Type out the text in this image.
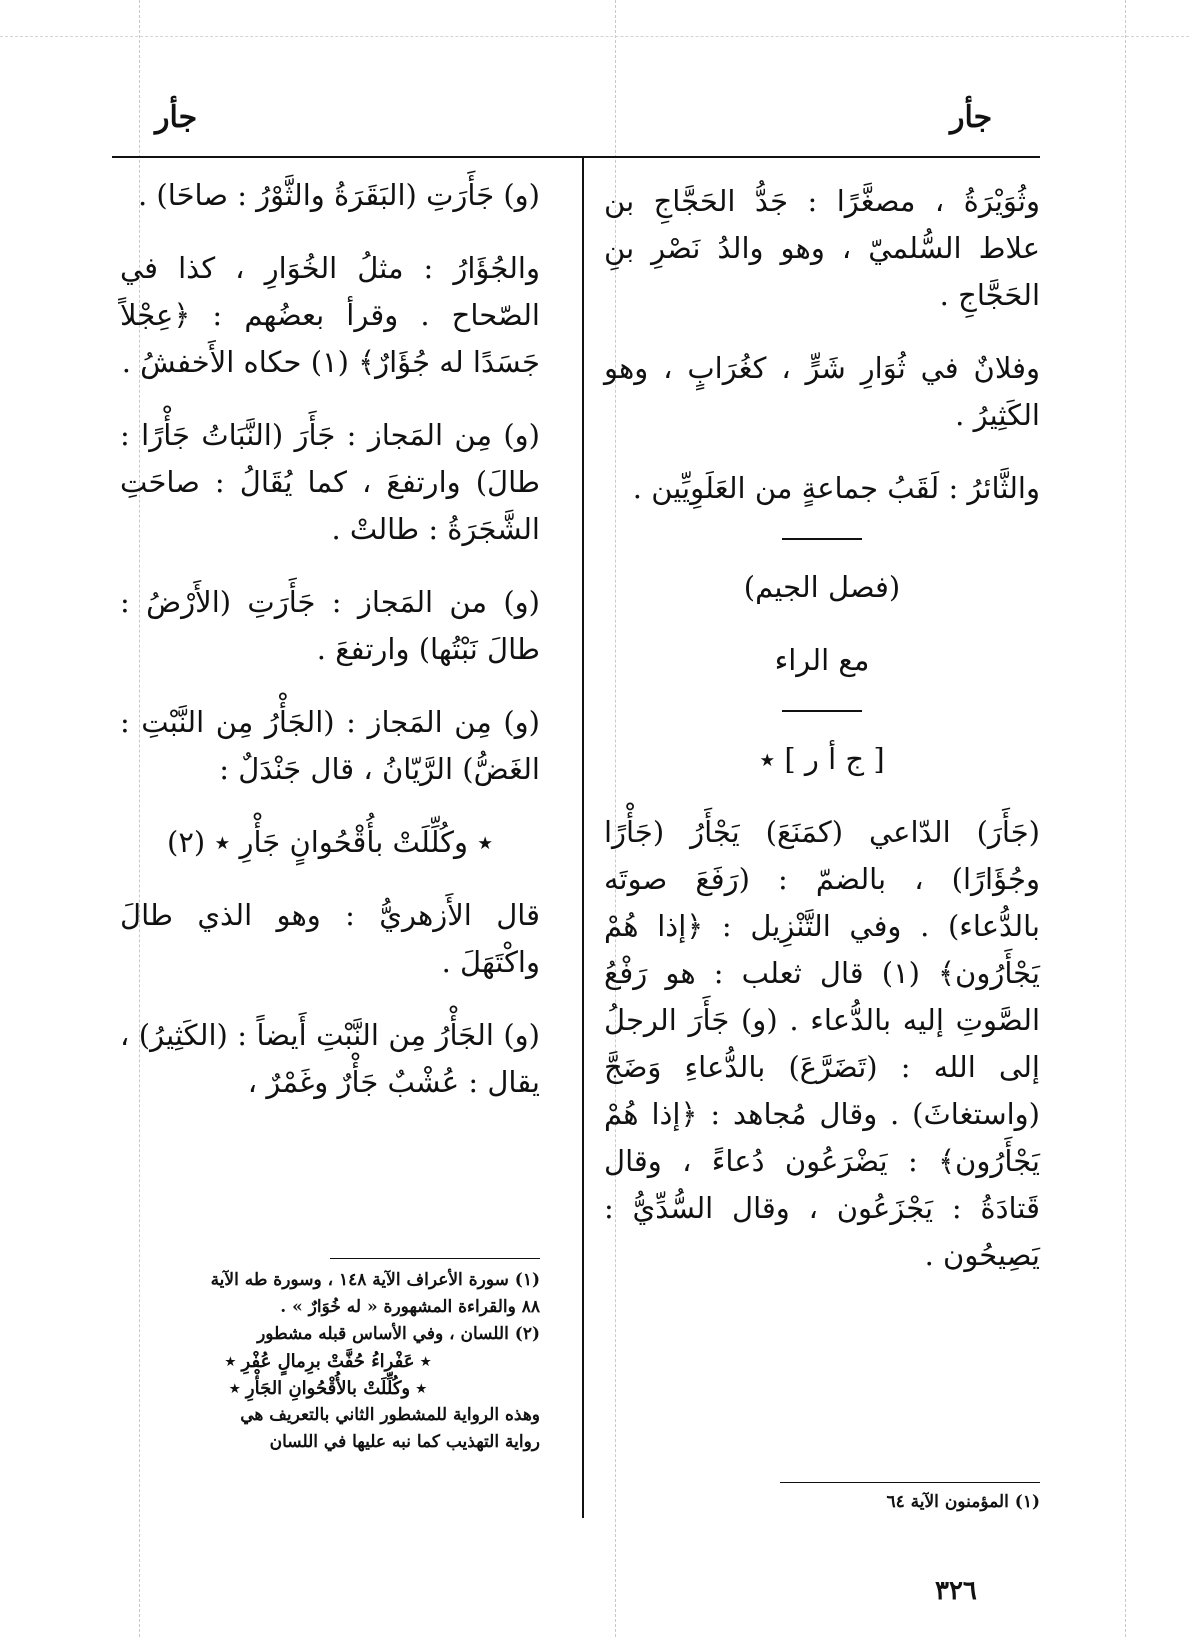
جأر	جأر

وثُوَيْرَةُ ، مصغَّرًا : جَدُّ الحَجَّاجِ بن علاط السُّلميّ ، وهو والدُ نَصْرِ بنِ الحَجَّاجِ .

وفلانٌ في ثُوَارِ شَرٍّ ، كغُرَابٍ ، وهو الكَثِيرُ .

والثَّائرُ : لَقَبُ جماعةٍ من العَلَوِيِّين .

(فصل الجيم)

مع الراء

[ ج أ ر ] ٭

(جَأَرَ) الدّاعي (كمَنَعَ) يَجْأَرُ (جَأْرًا وجُؤَارًا) ، بالضمّ : (رَفَعَ صوتَه بالدُّعاء) . وفي التَّنْزِيل : ﴿إذا هُمْ يَجْأَرُون﴾ (١) قال ثعلب : هو رَفْعُ الصَّوتِ إليه بالدُّعاء . (و) جَأَرَ الرجلُ إلى الله : (تَضَرَّعَ) بالدُّعاءِ وَضَجَّ (واستغاثَ) . وقال مُجاهد : ﴿إذا هُمْ يَجْأَرُون﴾ : يَضْرَعُون دُعاءً ، وقال قَتادَةُ : يَجْزَعُون ، وقال السُّدِّيُّ : يَصِيحُون .

(١) المؤمنون الآية ٦٤

(و) جَأَرَتِ (البَقَرَةُ والثَّوْرُ : صاحَا) .

والجُؤَارُ : مثلُ الخُوَارِ ، كذا في الصّحاح . وقرأ بعضُهم : ﴿عِجْلاً جَسَدًا له جُؤَارٌ﴾ (١) حكاه الأَخفشُ .

(و) مِن المَجاز : جَأَرَ (النَّبَاتُ جَأْرًا : طالَ) وارتفعَ ، كما يُقَالُ : صاحَتِ الشَّجَرَةُ : طالتْ .

(و) من المَجاز : جَأَرَتِ (الأَرْضُ : طالَ نَبْتُها) وارتفعَ .

(و) مِن المَجاز : (الجَأْرُ مِن النَّبْتِ : الغَضُّ) الرَّيّانُ ، قال جَنْدَلٌ :

٭ وكُلِّلَتْ بأُقْحُوانٍ جَأْرِ ٭ (٢)

قال الأَزهريُّ : وهو الذي طالَ واكْتَهَلَ .

(و) الجَأْرُ مِن النَّبْتِ أَيضاً : (الكَثِيرُ) ، يقال : عُشْبٌ جَأْرٌ وغَمْرٌ ،

(١) سورة الأعراف الآية ١٤٨ ، وسورة طه الآية

٨٨ والقراءة المشهورة « له خُوَارٌ » .

(٢) اللسان ، وفي الأساس قبله مشطور

٭ عَفْراءُ حُفَّتْ برِمالٍ عُفْرِ ٭

٭ وكُلِّلَتْ بالأُقْحُوانِ الجَأْرِ ٭

وهذه الرواية للمشطور الثاني بالتعريف هي

رواية التهذيب كما نبه عليها في اللسان

٣٢٦
